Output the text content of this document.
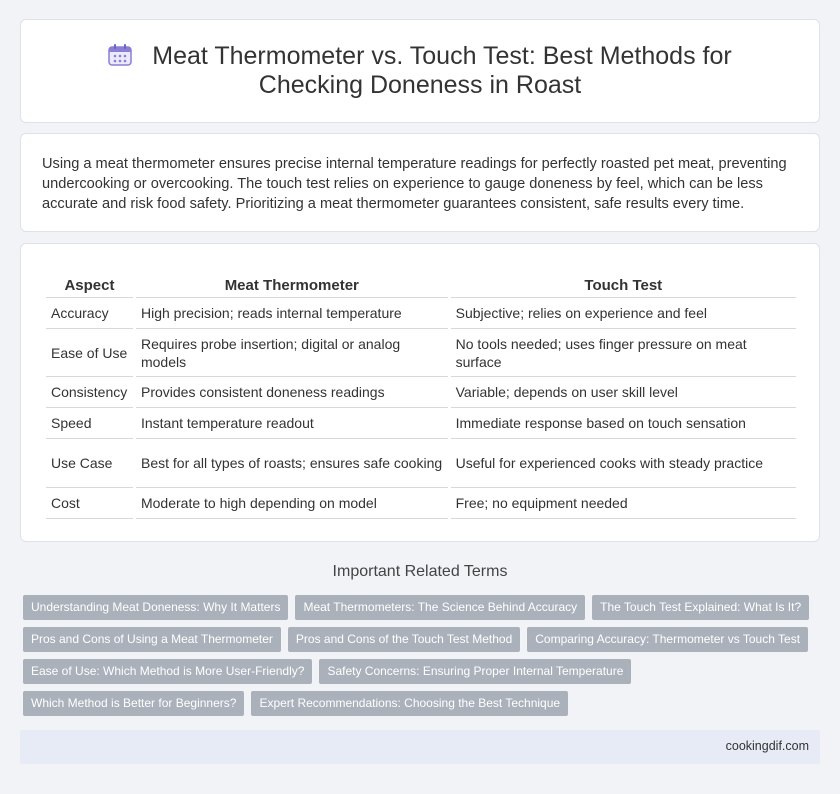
Meat Thermometer vs. Touch Test: Best Methods for Checking Doneness in Roast

Using a meat thermometer ensures precise internal temperature readings for perfectly roasted pet meat, preventing undercooking or overcooking. The touch test relies on experience to gauge doneness by feel, which can be less accurate and risk food safety. Prioritizing a meat thermometer guarantees consistent, safe results every time.

Aspect	Meat Thermometer	Touch Test
Accuracy	High precision; reads internal temperature	Subjective; relies on experience and feel
Ease of Use	Requires probe insertion; digital or analog models	No tools needed; uses finger pressure on meat surface
Consistency	Provides consistent doneness readings	Variable; depends on user skill level
Speed	Instant temperature readout	Immediate response based on touch sensation
Use Case	Best for all types of roasts; ensures safe cooking	Useful for experienced cooks with steady practice
Cost	Moderate to high depending on model	Free; no equipment needed
Important Related Terms
Understanding Meat Doneness: Why It Matters Meat Thermometers: The Science Behind Accuracy The Touch Test Explained: What Is It?
Pros and Cons of Using a Meat Thermometer Pros and Cons of the Touch Test Method Comparing Accuracy: Thermometer vs Touch Test
Ease of Use: Which Method is More User-Friendly? Safety Concerns: Ensuring Proper Internal Temperature
Which Method is Better for Beginners? Expert Recommendations: Choosing the Best Technique
cookingdif.com
